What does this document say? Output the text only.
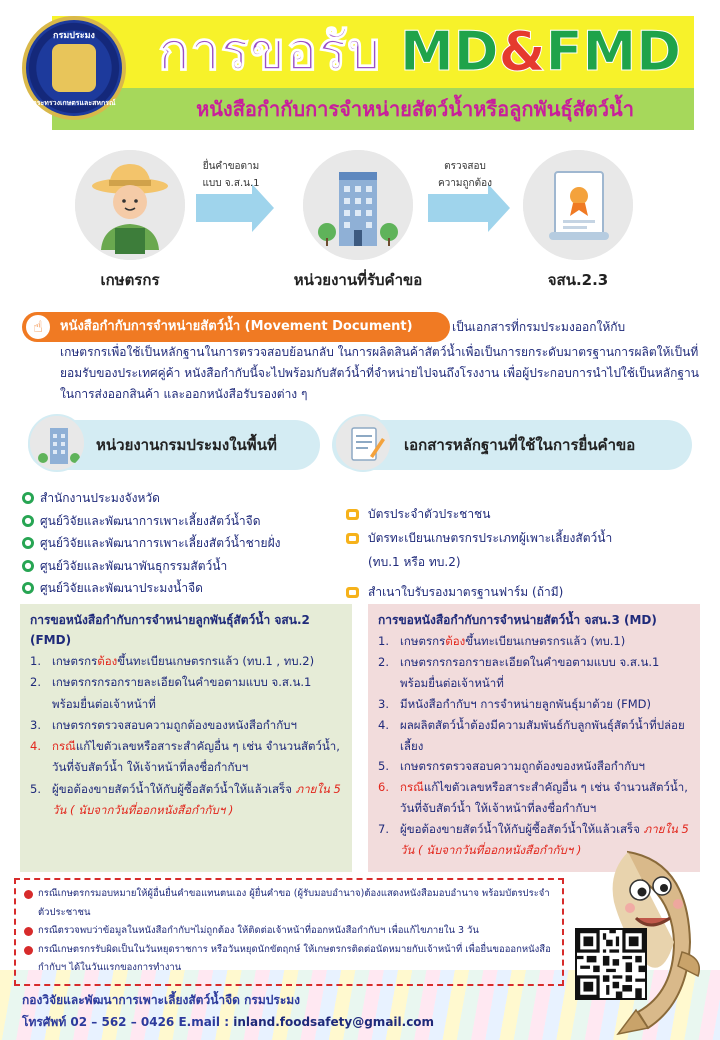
กรมประมง
กระทรวงเกษตรและสหกรณ์
การขอรับ MD&FMD
หนังสือกำกับการจำหน่ายสัตว์น้ำหรือลูกพันธุ์สัตว์น้ำ
เกษตรกร
ยื่นคำขอตาม
แบบ จ.ส.น.1
หน่วยงานที่รับคำขอ
ตรวจสอบ
ความถูกต้อง
จสน.2.3
☝	หนังสือกำกับการจำหน่ายสัตว์น้ำ (Movement Document)	เป็นเอกสารที่กรมประมงออกให้กับ
เกษตรกรเพื่อใช้เป็นหลักฐานในการตรวจสอบย้อนกลับ ในการผลิตสินค้าสัตว์น้ำเพื่อเป็นการยกระดับมาตรฐานการผลิตให้เป็นที่ยอมรับของประเทศคู่ค้า หนังสือกำกับนี้จะไปพร้อมกับสัตว์น้ำที่จำหน่ายไปจนถึงโรงงาน เพื่อผู้ประกอบการนำไปใช้เป็นหลักฐานในการส่งออกสินค้า และออกหนังสือรับรองต่าง ๆ
หน่วยงานกรมประมงในพื้นที่	เอกสารหลักฐานที่ใช้ในการยื่นคำขอ
● สำนักงานประมงจังหวัด
● ศูนย์วิจัยและพัฒนาการเพาะเลี้ยงสัตว์น้ำจืด
● ศูนย์วิจัยและพัฒนาการเพาะเลี้ยงสัตว์น้ำชายฝั่ง
● ศูนย์วิจัยและพัฒนาพันธุกรรมสัตว์น้ำ
● ศูนย์วิจัยและพัฒนาประมงน้ำจืด
บัตรประจำตัวประชาชน
บัตรทะเบียนเกษตรกรประเภทผู้เพาะเลี้ยงสัตว์น้ำ
(ทบ.1 หรือ ทบ.2)
สำเนาใบรับรองมาตรฐานฟาร์ม (ถ้ามี)
การขอหนังสือกำกับการจำหน่ายลูกพันธุ์สัตว์น้ำ จสน.2 (FMD)
1. เกษตรกรต้องขึ้นทะเบียนเกษตรกรแล้ว (ทบ.1 , ทบ.2)
2. เกษตรกรกรอกรายละเอียดในคำขอตามแบบ จ.ส.น.1 พร้อมยื่นต่อเจ้าหน้าที่
3. เกษตรกรตรวจสอบความถูกต้องของหนังสือกำกับฯ
4. กรณีแก้ไขตัวเลขหรือสาระสำคัญอื่น ๆ เช่น จำนวนสัตว์น้ำ, วันที่จับสัตว์น้ำ ให้เจ้าหน้าที่ลงชื่อกำกับฯ
5. ผู้ขอต้องขายสัตว์น้ำให้กับผู้ซื้อสัตว์น้ำให้แล้วเสร็จ ภายใน 5 วัน ( นับจากวันที่ออกหนังสือกำกับฯ )
การขอหนังสือกำกับการจำหน่ายสัตว์น้ำ จสน.3 (MD)
1. เกษตรกรต้องขึ้นทะเบียนเกษตรกรแล้ว (ทบ.1)
2. เกษตรกรกรอกรายละเอียดในคำขอตามแบบ จ.ส.น.1 พร้อมยื่นต่อเจ้าหน้าที่
3. มีหนังสือกำกับฯ การจำหน่ายลูกพันธุ์มาด้วย (FMD)
4. ผลผลิตสัตว์น้ำต้องมีความสัมพันธ์กับลูกพันธุ์สัตว์น้ำที่ปล่อยเลี้ยง
5. เกษตรกรตรวจสอบความถูกต้องของหนังสือกำกับฯ
6. กรณีแก้ไขตัวเลขหรือสาระสำคัญอื่น ๆ เช่น จำนวนสัตว์น้ำ, วันที่จับสัตว์น้ำ ให้เจ้าหน้าที่ลงชื่อกำกับฯ
7. ผู้ขอต้องขายสัตว์น้ำให้กับผู้ซื้อสัตว์น้ำให้แล้วเสร็จ ภายใน 5 วัน ( นับจากวันที่ออกหนังสือกำกับฯ )
กรณีเกษตรกรมอบหมายให้ผู้อื่นยื่นคำขอแทนตนเอง ผู้ยื่นคำขอ (ผู้รับมอบอำนาจ)ต้องแสดงหนังสือมอบอำนาจ พร้อมบัตรประจำตัวประชาชน
กรณีตรวจพบว่าข้อมูลในหนังสือกำกับฯไม่ถูกต้อง ให้ติดต่อเจ้าหน้าที่ออกหนังสือกำกับฯ เพื่อแก้ไขภายใน 3 วัน
กรณีเกษตรกรรับผิดเป็นในวันหยุดราชการ หรือวันหยุดนักขัตฤกษ์ ให้เกษตรกรติดต่อนัดหมายกับเจ้าหน้าที่ เพื่อยื่นขอออกหนังสือกำกับฯ ได้ในวันแรกของการทำงาน
กองวิจัยและพัฒนาการเพาะเลี้ยงสัตว์น้ำจืด กรมประมง
โทรศัพท์ 02 – 562 – 0426 E.mail : inland.foodsafety@gmail.com
